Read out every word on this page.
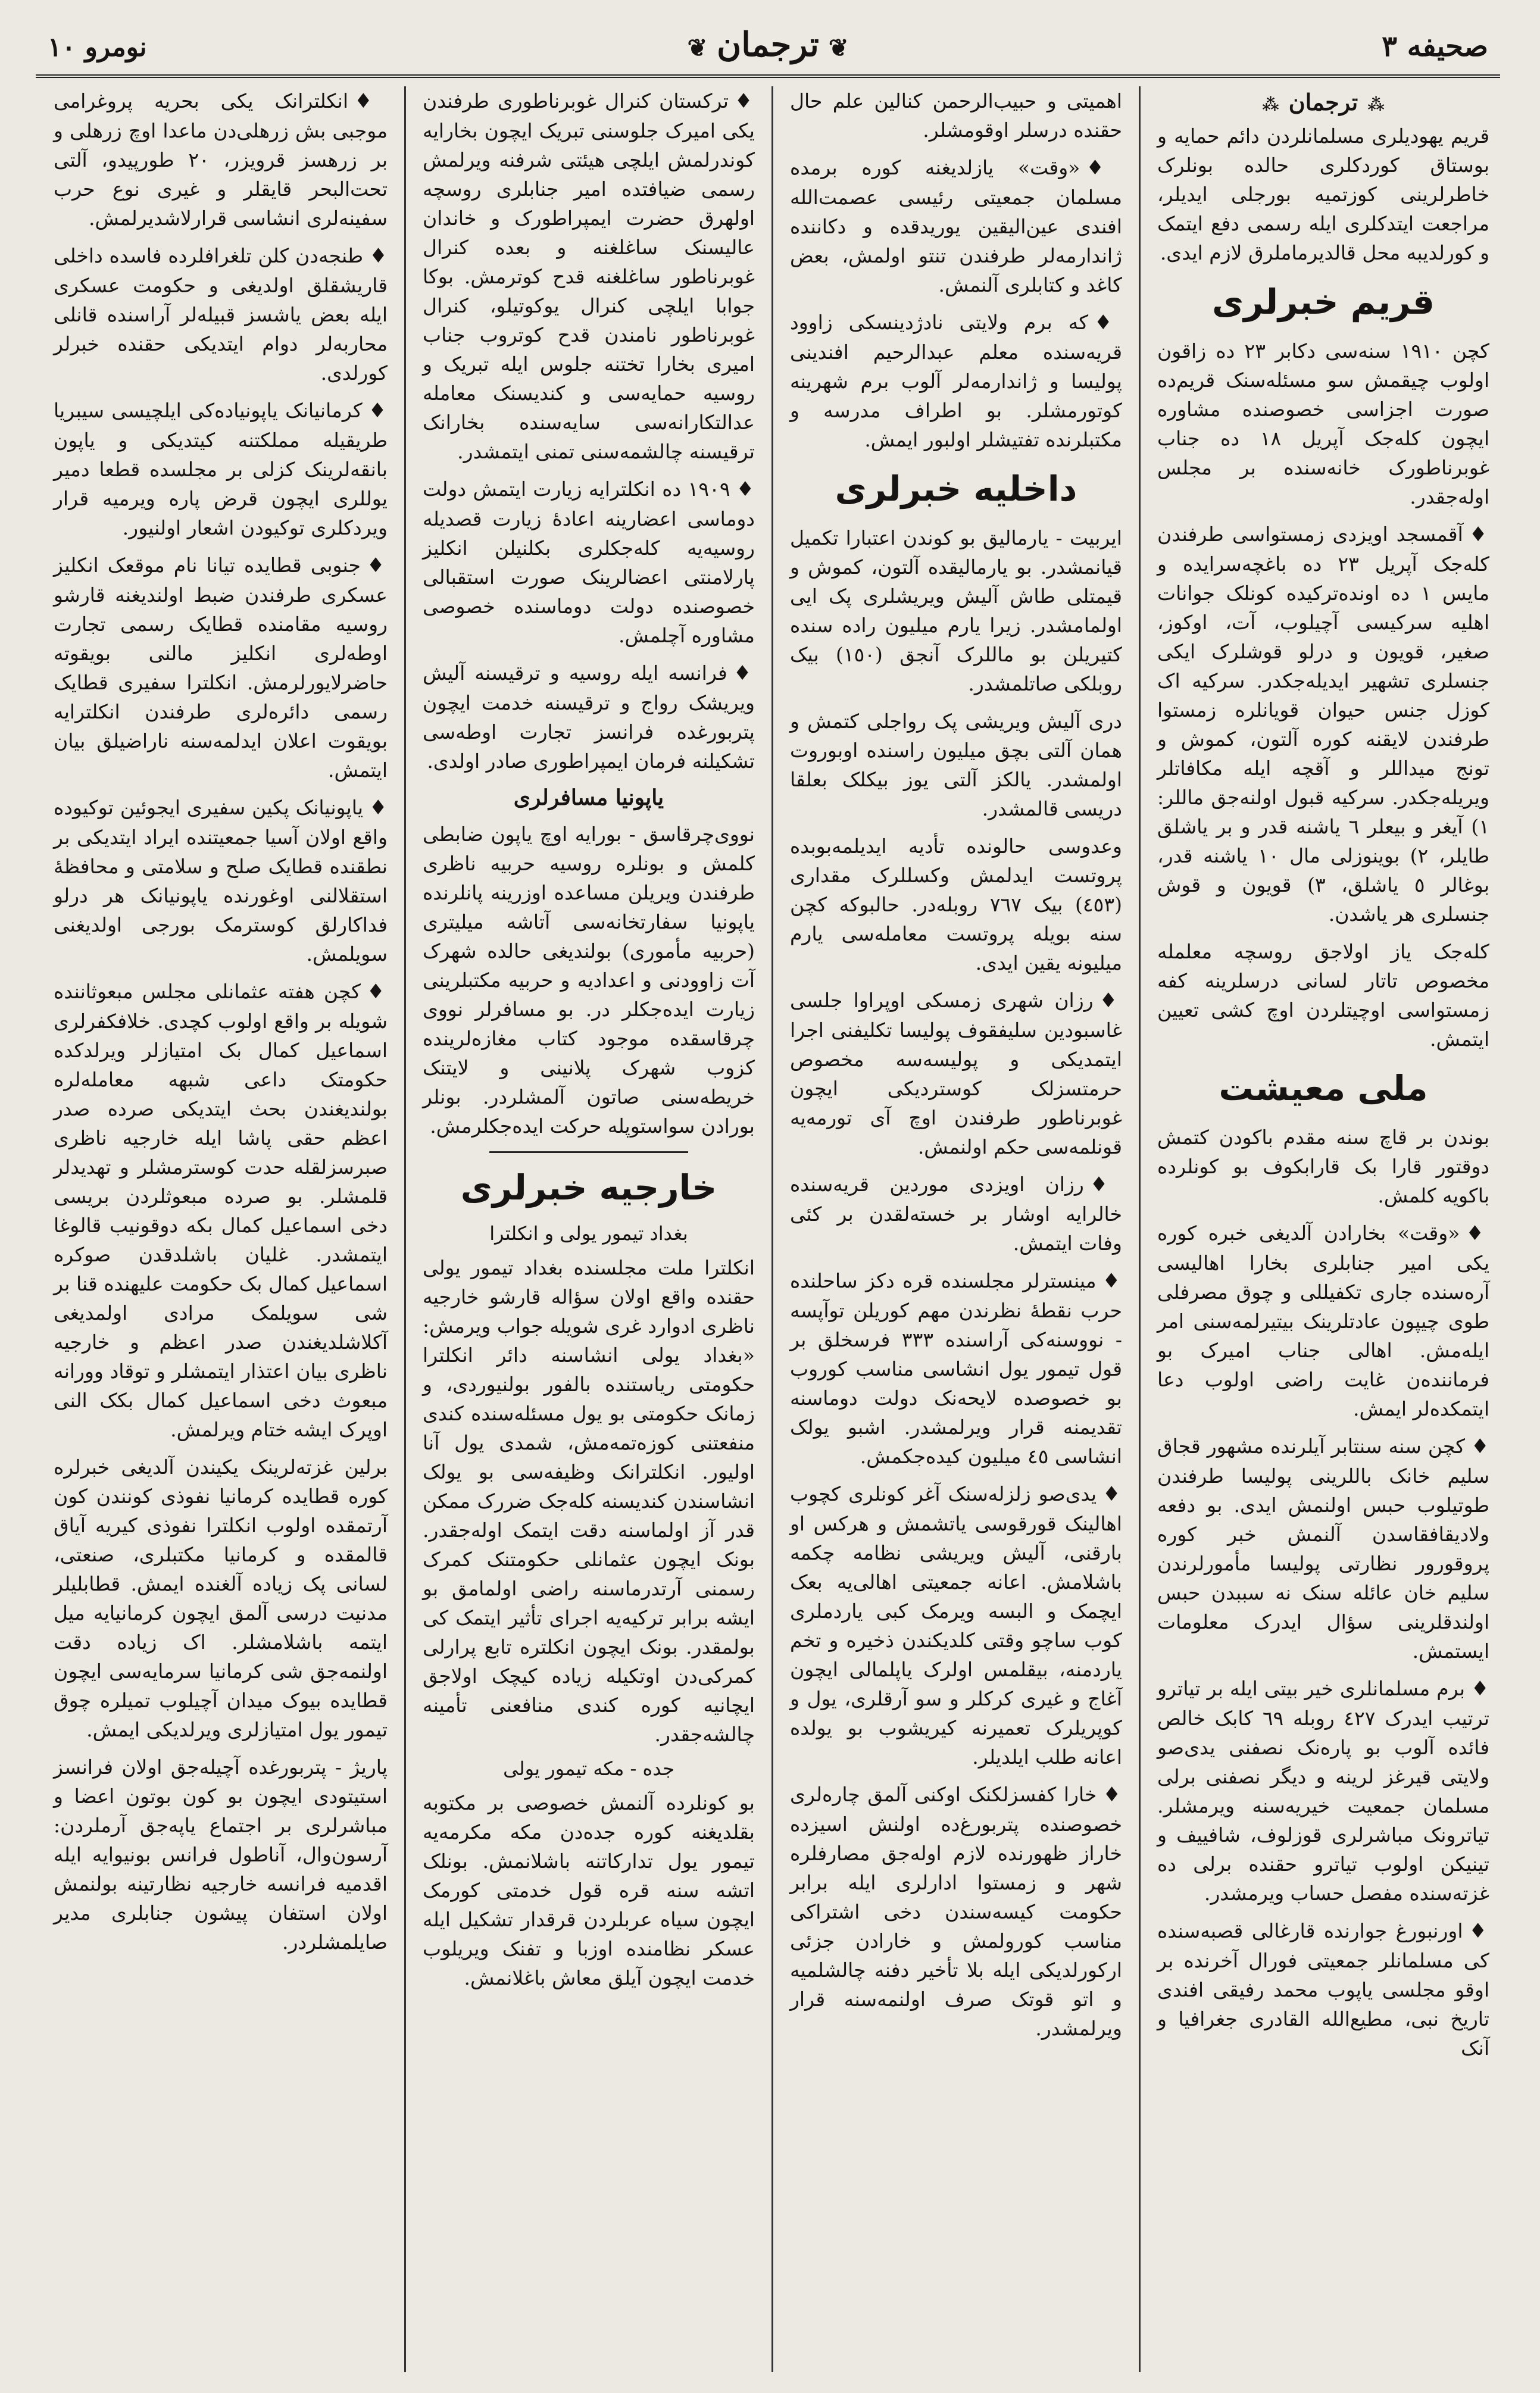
صحیفه ٣
❦ ترجمان ❦
نومرو ١٠
⁂ ترجمان ⁂

قریم یهودیلری مسلمانلردن دائم حمایه و بوستاق کوردکلری حالده بونلرک خاطرلرینی کوزتمیه بورجلی ایدیلر، مراجعت ایتدکلری ایله رسمی دفع ایتمک و کورلدیبه محل قالدیرماملرق لازم ایدی.

قریم خبرلری

کچن ١٩١٠ سنه‌سی دکابر ٢٣ ده زاقون اولوب چیقمش سو مسئله‌سنک قریم‌ده صورت اجزاسی خصوصنده مشاوره ایچون کله‌جک آپریل ١٨ ده جناب غوبرناطورک خانه‌سنده بر مجلس اوله‌جقدر.

♦ آقمسجد اویزدی زمستواسی طرفندن کله‌جک آپریل ٢٣ ده باغچه‌سرایده و مایس ١ ده اونده‌ترکیده کونلک جوانات اهلیه سرکیسی آچیلوب، آت، اوکوز، صغیر، قویون و درلو قوشلرک ایکی جنسلری تشهیر ایدیله‌جکدر. سرکیه اک کوزل جنس حیوان قویانلره زمستوا طرفندن لایقنه کوره آلتون، کموش و تونج میداللر و آقچه ایله مکافاتلر ویریله‌جکدر. سرکیه قبول اولنه‌جق ماللر: ١) آیغر و بیعلر ٦ یاشنه قدر و بر یاشلق طایلر، ٢) بوینوزلی مال ١٠ یاشنه قدر، بوغالر ٥ یاشلق، ٣) قویون و قوش جنسلری هر یاشدن.

کله‌جک یاز اولاجق روسچه معلمله مخصوص تاتار لسانی درسلرینه کفه زمستواسی اوچیتلردن اوچ کشی تعیین ایتمش.

ملی معیشت

بوندن بر قاچ سنه مقدم باکودن کتمش دوقتور قارا بک قارابکوف بو کونلرده باکویه کلمش.

♦ «وقت» بخارادن آلدیغی خبره کوره یکی امیر جنابلری بخارا اهالیسی آره‌سنده جاری تکفیللی و چوق مصرفلی طوی چیپون عادتلرینک بیتیرلمه‌سنی امر ایله‌مش. اهالی جناب امیرک بو فرماننده‌ن غایت راضی اولوب دعا ایتمکده‌لر ایمش.

♦ کچن سنه سنتابر آیلرنده مشهور قجاق سلیم خانک باللرینی پولیسا طرفندن طوتیلوب حبس اولنمش ایدی. بو دفعه ولادیقافقاسدن آلنمش خبر کوره پروقورور نظارتی پولیسا مأمورلرندن سلیم خان عائله سنک نه سببدن حبس اولندقلرینی سؤال ایدرک معلومات ایستمش.

♦ برم مسلمانلری خیر بیتی ایله بر تیاترو ترتیب ایدرک ٤٢٧ روبله ٦٩ کابک خالص فائده آلوب بو پاره‌نک نصفنی یدی‌صو ولایتی قیرغز لرینه و دیگر نصفنی برلی مسلمان جمعیت خیریه‌سنه ویرمشلر. تیاترونک مباشرلری قوزلوف، شافییف و تینیکن اولوب تیاترو حقنده برلی ده غزته‌سنده مفصل حساب ویرمشدر.

♦ اورنبورغ جوارنده قارغالی قصبه‌سنده کی مسلمانلر جمعیتی فورال آخرنده بر اوقو مجلسی یاپوب محمد رفیقی افندی تاریخ نبی، مطیع‌الله القادری جغرافیا و آنک

اهمیتی و حبیب‌الرحمن کنالین علم حال حقنده درسلر اوقومشلر.

♦ «وقت» یازلدیغنه کوره برمده مسلمان جمعیتی رئیسی عصمت‌الله افندی عین‌الیقین یوریدقده و دکاننده ژاندارمه‌لر طرفندن تنتو اولمش، بعض کاغد و کتابلری آلنمش.

♦ که برم ولایتی نادژدینسکی زاوود قریه‌سنده معلم عبدالرحیم افندینی پولیسا و ژاندارمه‌لر آلوب برم شهرینه کوتورمشلر. بو اطراف مدرسه و مکتبلرنده تفتیشلر اولبور ایمش.

داخلیه خبرلری

ایربیت - یارمالیق بو کوندن اعتبارا تکمیل قیانمشدر. بو یارمالیقده آلتون، کموش و قیمتلی طاش آلیش ویریشلری پک ایی اولمامشدر. زیرا یارم میلیون راده سنده کتیریلن بو ماللرک آنجق (١٥٠) بیک روبلکی صاتلمشدر.

دری آلیش ویریشی پک رواجلی کتمش و همان آلتی بچق میلیون راسنده اوبوروت اولمشدر. یالکز آلتی یوز بیکلک بعلقا دریسی قالمشدر.

وعدوسی حالونده تأدیه ایدیلمه‌بوبده پروتست ایدلمش وکسللرک مقداری (٤٥٣) بیک ٧٦٧ روبله‌در. حالبوکه کچن سنه بویله پروتست معامله‌سی یارم میلیونه یقین ایدی.

♦ رزان شهری زمسکی اوپراوا جلسی غاسبودین سلیفقوف پولیسا تکلیفنی اجرا ایتمدیکی و پولیسه‌سه مخصوص حرمتسزلک کوستردیکی ایچون غوبرناطور طرفندن اوچ آی تورمه‌یه قونلمه‌سی حکم اولنمش.

♦ رزان اویزدی موردین قریه‌سنده خالرایه اوشار بر خسته‌لقدن بر کئی وفات ایتمش.

♦ مینسترلر مجلسنده قره دکز ساحلنده حرب نقطهٔ نظرندن مهم کوریلن توآپسه - نووسنه‌کی آراسنده ٣٣٣ فرسخلق بر قول تیمور یول انشاسی مناسب کوروب بو خصوصده لایحه‌نک دولت دوماسنه تقدیمنه قرار ویرلمشدر. اشبو یولک انشاسی ٤٥ میلیون کیده‌جکمش.

♦ یدی‌صو زلزله‌سنک آغر کونلری کچوب اهالینک قورقوسی یاتشمش و هرکس او بارقنی، آلیش ویریشی نظامه چکمه باشلامش. اعانه جمعیتی اهالی‌یه بعک ایچمک و البسه ویرمک کبی یاردملری کوب ساچو وقتی کلدیکندن ذخیره و تخم یاردمنه، بیقلمس اولرک یاپلمالی ایچون آغاج و غیری کرکلر و سو آرقلری، یول و کوپریلرک تعمیرنه کیریشوب بو یولده اعانه طلب ایلدیلر.

♦ خارا کفسزلکنک اوکنی آلمق چاره‌لری خصوصنده پتربورغ‌ده اولنش اسیزده خاراز ظهورنده لازم اوله‌جق مصارفلره شهر و زمستوا ادارلری ایله برابر حکومت کیسه‌سندن دخی اشتراکی مناسب کورولمش و خارادن جزئی ارکورلدیکی ایله بلا تأخیر دفنه چالشلمیه و اتو قوتک صرف اولنمه‌سنه قرار ویرلمشدر.

♦ ترکستان کنرال غوبرناطوری طرفندن یکی امیرک جلوسنی تبریک ایچون بخارایه کوندرلمش ایلچی هیئتی شرفنه ویرلمش رسمی ضیافتده امیر جنابلری روسچه اولهرق حضرت ایمپراطورک و خاندان عالیسنک ساغلغنه و بعده کنرال غوبرناطور ساغلغنه قدح کوترمش. بوکا جوابا ایلچی کنرال یوکوتیلو، کنرال غوبرناطور نامندن قدح کوتروب جناب امیری بخارا تختنه جلوس ایله تبریک و روسیه حمایه‌سی و کندیسنک معامله عدالتکارانه‌سی سایه‌سنده بخارانک ترقیسنه چالشمه‌سنی تمنی ایتمشدر.

♦ ١٩٠٩ ده انکلترا‌یه زیارت ایتمش دولت دوماسی اعضارینه اعادهٔ زیارت قصدیله روسیه‌یه کله‌جکلری بکلنیلن انکلیز پارلامنتی اعضالرینک صورت استقبالی خصوصنده دولت دوماسنده خصوصی مشاوره آچلمش.

♦ فرانسه ایله روسیه و ترقیسنه آلیش ویریشک رواج و ترقیسنه خدمت ایچون پتربورغده فرانسز تجارت اوطه‌سی تشکیلنه فرمان ایمپراطوری صادر اولدی.

یاپونیا مسافرلری

نووی‌چرقاسق - بورایه اوچ یاپون ضابطی کلمش و بونلره روسیه حربیه ناظری طرفندن ویریلن مساعده اوزرینه پانلرنده یاپونیا سفارتخانه‌سی آتاشه میلیتری (حربیه مأموری) بولندیغی حالده شهرک آت زاوودنی و اعدادیه و حربیه مکتبلرینی زیارت ایده‌جکلر در. بو مسافرلر نووی چرقاسقده موجود کتاب مغازه‌لرینده کزوب شهرک پلانینی و لایتنک خریطه‌سنی صاتون آلمشلردر. بونلر بورادن سواستوپله حرکت ایده‌جکلرمش.

خارجیه خبرلری
بغداد تیمور یولی و انکلترا

انکلترا ملت مجلسنده بغداد تیمور یولی حقنده واقع اولان سؤاله قارشو خارجیه ناظری ادوارد غری شویله جواب ویرمش: «بغداد یولی انشاسنه دائر انکلترا حکومتی ریاستنده بالفور بولنیوردی، و زمانک حکومتی بو یول مسئله‌سنده کندی منفعتنی کوزه‌تمه‌مش، شمدی یول آنا اولیور. انکلترانک وظیفه‌سی بو یولک انشاسندن کندیسنه کله‌جک ضررک ممکن قدر آز اولماسنه دقت ایتمک اوله‌جقدر. بونک ایچون عثمانلی حکومتنک کمرک رسمنی آرتدرماسنه راضی اولمامق بو ایشه برابر ترکیه‌یه اجرای تأثیر ایتمک کی بولمقدر. بونک ایچون انکلتره تابع پرارلی کمرکی‌دن اوتکیله زیاده کیچک اولاجق ایچانیه کوره کندی منافعنی تأمینه چالشه‌جقدر.

جده - مکه تیمور یولی

بو کونلرده آلنمش خصوصی بر مکتوبه بقلدیغنه کوره جده‌دن مکه مکرمه‌یه تیمور یول تدارکاتنه باشلانمش. بونلک اتشه سنه قره قول خدمتی کورمک ایچون سیاه عربلردن قرقدار تشکیل ایله عسکر نظامنده اوزبا و تفنک ویریلوب خدمت ایچون آیلق معاش باغلانمش.

♦ انکلترانک یکی بحریه پروغرامی موجبی بش زرهلی‌دن ماعدا اوچ زرهلی و بر زرهسز قرویزر، ٢٠ طورپیدو، آلتی تحت‌البحر قایقلر و غیری نوع حرب سفینه‌لری انشاسی قرارلاشدیرلمش.

♦ طنجه‌دن کلن تلغرافلرده فاسده داخلی قاریشقلق اولدیغی و حکومت عسکری ایله بعض یاشسز قبیله‌لر آراسنده قانلی محاربه‌لر دوام ایتدیکی حقنده خبرلر کورلدی.

♦ کرمانیانک یاپونیاده‌کی ایلچیسی سیبریا طریقیله مملکتنه کیتدیکی و یاپون بانقه‌لرینک کزلی بر مجلسده قطعا دمیر یوللری ایچون قرض پاره ویرمیه قرار ویردکلری توکیودن اشعار اولنیور.

♦ جنوبی قطایده تیانا نام موقعک انکلیز عسکری طرفندن ضبط اولندیغنه قارشو روسیه مقامنده قطایک رسمی تجارت اوطه‌لری انکلیز مالنی بویقوته حاضرلایورلرمش. انکلترا سفیری قطایک رسمی دائره‌لری طرفندن انکلترایه بویقوت اعلان ایدلمه‌سنه ناراضیلق بیان ایتمش.

♦ یاپونیانک پکین سفیری ایجوئین توکیوده واقع اولان آسیا جمعیتنده ایراد ایتدیکی بر نطقنده قطایک صلح و سلامتی و محافظهٔ استقلالنی اوغورنده یاپونیانک هر درلو فداکارلق کوسترمک بورجی اولدیغنی سویلمش.

♦ کچن هفته عثمانلی مجلس مبعوثاننده شویله بر واقع اولوب کچدی. خلافکفرلری اسماعیل کمال بک امتیازلر ویرلدکده حکومتک داعی شبهه معامله‌لره بولندیغندن بحث ایتدیکی صرده صدر اعظم حقی پاشا ایله خارجیه ناظری صبرسزلقله حدت کوسترمشلر و تهدیدلر قلمشلر. بو صرده مبعوثلردن بریسی دخی اسماعیل کمال بکه دوقونیب قالوغا ایتمشدر. غلیان باشلدقدن صوکره اسماعیل کمال بک حکومت علیهنده قنا بر شی سویلمک مرادی اولمدیغی آکلاشلدیغندن صدر اعظم و خارجیه ناظری بیان اعتذار ایتمشلر و توقاد وورانه مبعوث دخی اسماعیل کمال بکک النی اوپرک ایشه ختام ویرلمش.

برلین غزته‌لرینک یکیندن آلدیغی خبرلره کوره قطایده کرمانیا نفوذی کونندن کون آرتمقده اولوب انکلترا نفوذی کیریه آیاق قالمقده و کرمانیا مکتبلری، صنعتی، لسانی پک زیاده آلغنده ایمش. قطابلیلر مدنیت درسی آلمق ایچون کرمانیایه میل ایتمه باشلامشلر. اک زیاده دقت اولنمه‌جق شی کرمانیا سرمایه‌سی ایچون قطایده بیوک میدان آچیلوب تمیلره چوق تیمور یول امتیازلری ویرلدیکی ایمش.

پاریژ - پتربورغده آچیله‌جق اولان فرانسز استیتودی ایچون بو کون بوتون اعضا و مباشرلری بر اجتماع یاپه‌جق آرملردن: آرسون‌وال، آناطول فرانس بونیوایه ایله اقدمیه فرانسه خارجیه نظارتینه بولنمش اولان استفان پیشون جنابلری مدیر صایلمشلردر.
